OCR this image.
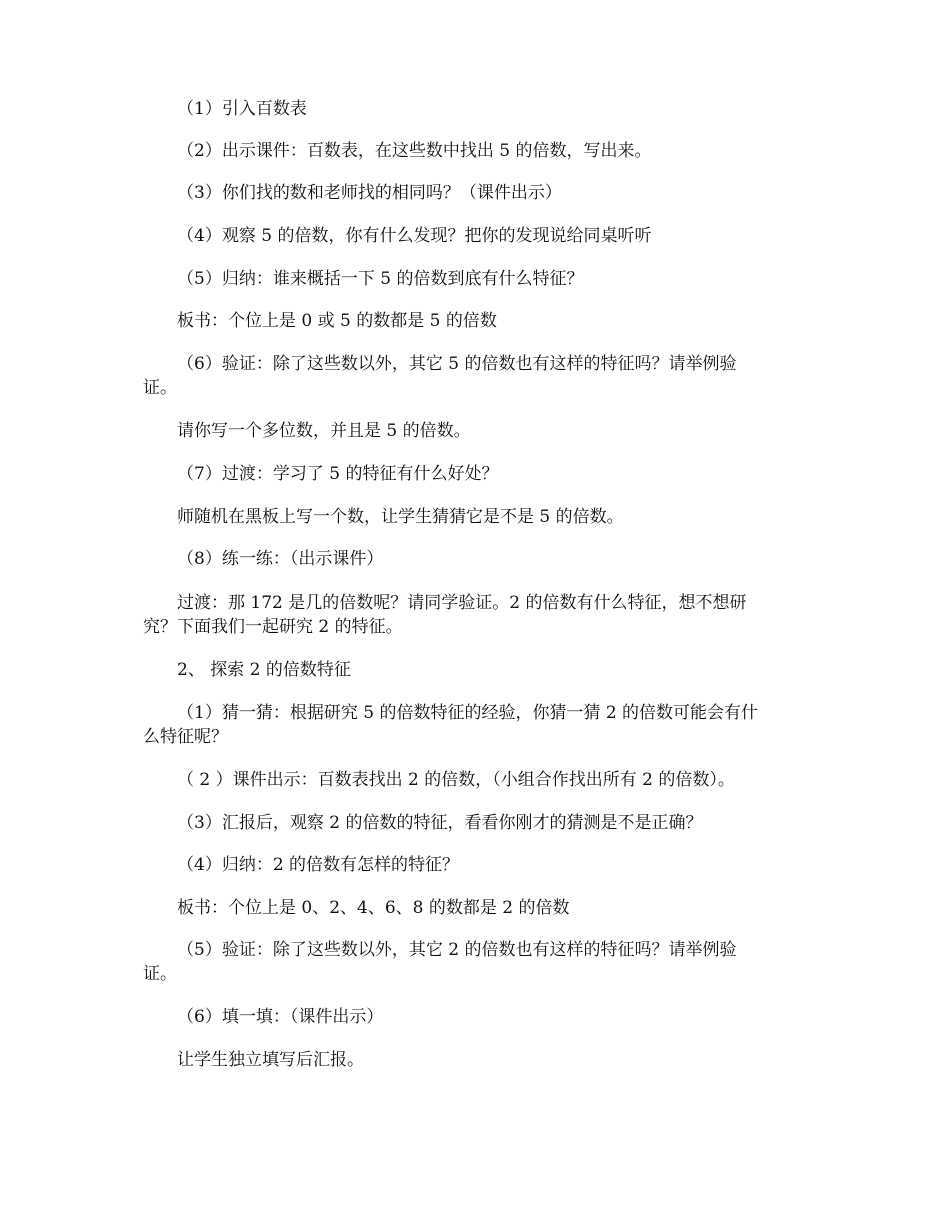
（1）引入百数表
（2）出示课件：百数表，在这些数中找出 5 的倍数，写出来。
（3）你们找的数和老师找的相同吗？（课件出示）
（4）观察 5 的倍数，你有什么发现？把你的发现说给同桌听听
（5）归纳：谁来概括一下 5 的倍数到底有什么特征？
板书：个位上是 0 或 5 的数都是 5 的倍数
（6）验证：除了这些数以外，其它 5 的倍数也有这样的特征吗？请举例验
证。
请你写一个多位数，并且是 5 的倍数。
（7）过渡：学习了 5 的特征有什么好处？
师随机在黑板上写一个数，让学生猜猜它是不是 5 的倍数。
（8）练一练：（出示课件）
过渡：那 172 是几的倍数呢？请同学验证。2 的倍数有什么特征，想不想研
究？下面我们一起研究 2 的特征。
2、 探索 2 的倍数特征
（1）猜一猜：根据研究 5 的倍数特征的经验，你猜一猜 2 的倍数可能会有什
么特征呢？
（ 2 ）课件出示：百数表找出 2 的倍数，（小组合作找出所有 2 的倍数）。
（3）汇报后，观察 2 的倍数的特征，看看你刚才的猜测是不是正确？
（4）归纳：2 的倍数有怎样的特征？
板书：个位上是 0、2、4、6、8 的数都是 2 的倍数
（5）验证：除了这些数以外，其它 2 的倍数也有这样的特征吗？请举例验
证。
（6）填一填：（课件出示）
让学生独立填写后汇报。
